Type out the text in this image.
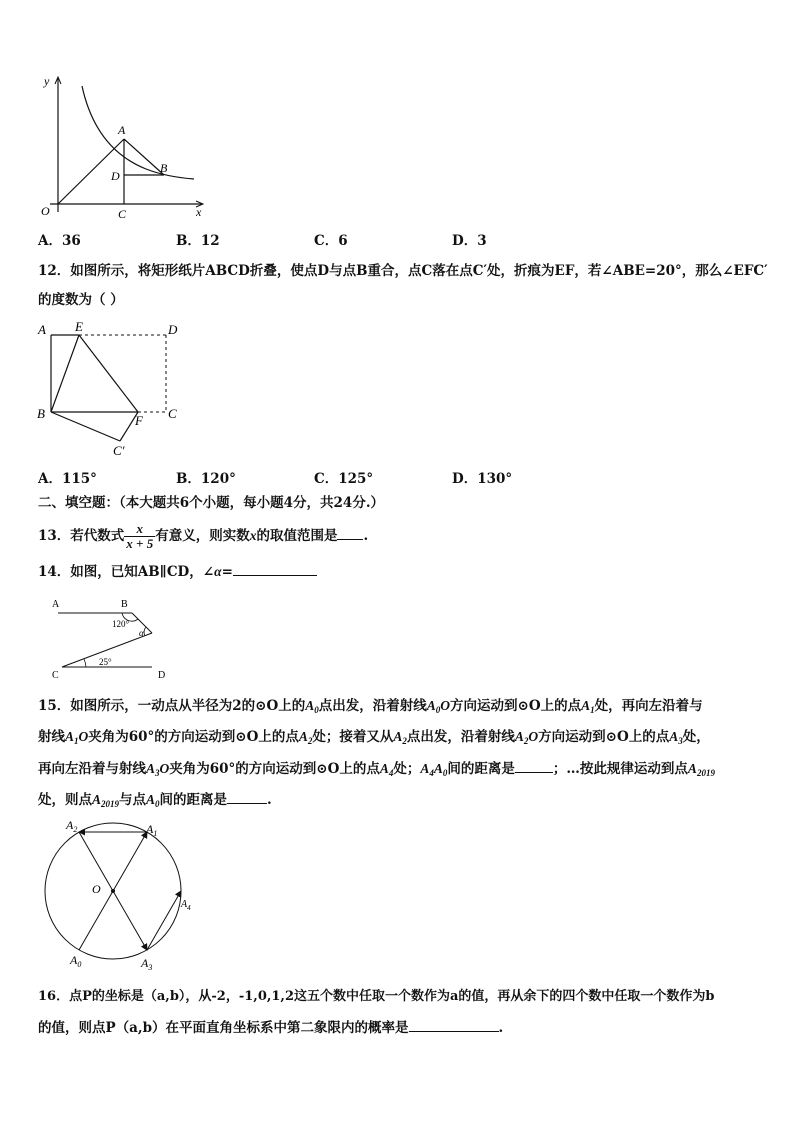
y
x
O
A
B
C
D
A．36	B．12	C．6	D．3
12．如图所示，将矩形纸片ABCD折叠，使点D与点B重合，点C落在点C′处，折痕为EF，若∠ABE=20°，那么∠EFC′
的度数为（ ）
A E	D
B	F C
C′
A．115°	B．120°	C．125°	D．130°
二、填空题：（本大题共6个小题，每小题4分，共24分.）
13．若代数式 $\frac{x}{x + 5}$ 有意义，则实数x的取值范围是 .
14．如图，已知AB∥CD，∠α=
A	B
C	D
120°
α
25°
15．如图所示，一动点从半径为2的⊙O上的$A_0$点出发，沿着射线$A_0O$方向运动到⊙O上的点$A_1$处，再向左沿着与
射线$A_1O$夹角为60°的方向运动到⊙O上的点$A_2$处；接着又从$A_2$点出发，沿着射线$A_2O$方向运动到⊙O上的点$A_3$处，
再向左沿着与射线$A_3O$夹角为60°的方向运动到⊙O上的点$A_4$处；$A_4A_0$间的距离是	；…按此规律运动到点$A_{2019}$
处，则点$A_{2019}$与点$A_0$间的距离是	.
O
$A_2$	$A_1$
$A_4$
$A_0$	$A_3$
16．点P的坐标是（a,b），从-2，-1,0,1,2这五个数中任取一个数作为a的值，再从余下的四个数中任取一个数作为b
的值，则点P（a,b）在平面直角坐标系中第二象限内的概率是	.
